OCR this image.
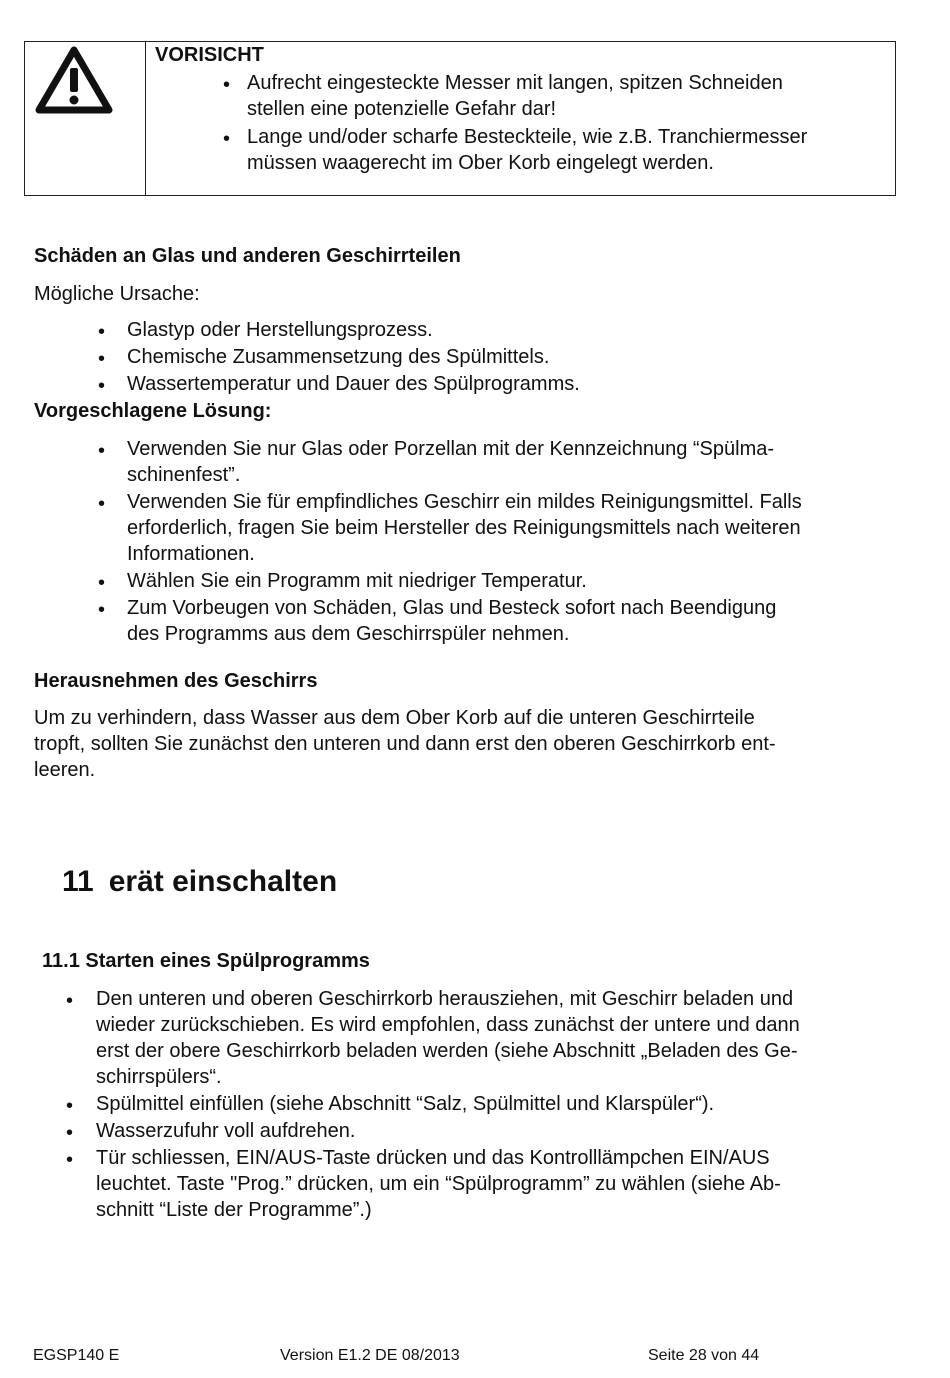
VORISICHT
• Aufrecht eingesteckte Messer mit langen, spitzen Schneiden
stellen eine potenzielle Gefahr dar!
• Lange und/oder scharfe Besteckteile, wie z.B. Tranchiermesser
müssen waagerecht im Ober Korb eingelegt werden.
Schäden an Glas und anderen Geschirrteilen
Mögliche Ursache:
• Glastyp oder Herstellungsprozess.
• Chemische Zusammensetzung des Spülmittels.
• Wassertemperatur und Dauer des Spülprogramms.
Vorgeschlagene Lösung:
• Verwenden Sie nur Glas oder Porzellan mit der Kennzeichnung “Spülma-
schinenfest”.
• Verwenden Sie für empfindliches Geschirr ein mildes Reinigungsmittel. Falls
erforderlich, fragen Sie beim Hersteller des Reinigungsmittels nach weiteren
Informationen.
• Wählen Sie ein Programm mit niedriger Temperatur.
• Zum Vorbeugen von Schäden, Glas und Besteck sofort nach Beendigung
des Programms aus dem Geschirrspüler nehmen.
Herausnehmen des Geschirrs
Um zu verhindern, dass Wasser aus dem Ober Korb auf die unteren Geschirrteile
tropft, sollten Sie zunächst den unteren und dann erst den oberen Geschirrkorb ent-
leeren.
11 erät einschalten
11.1 Starten eines Spülprogramms
• Den unteren und oberen Geschirrkorb herausziehen, mit Geschirr beladen und
wieder zurückschieben. Es wird empfohlen, dass zunächst der untere und dann
erst der obere Geschirrkorb beladen werden (siehe Abschnitt „Beladen des Ge-
schirrspülers“.
• Spülmittel einfüllen (siehe Abschnitt “Salz, Spülmittel und Klarspüler“).
• Wasserzufuhr voll aufdrehen.
• Tür schliessen, EIN/AUS-Taste drücken und das Kontrolllämpchen EIN/AUS
leuchtet. Taste "Prog.” drücken, um ein “Spülprogramm” zu wählen (siehe Ab-
schnitt “Liste der Programme”.)
EGSP140 E	Version E1.2 DE 08/2013	Seite 28 von 44
